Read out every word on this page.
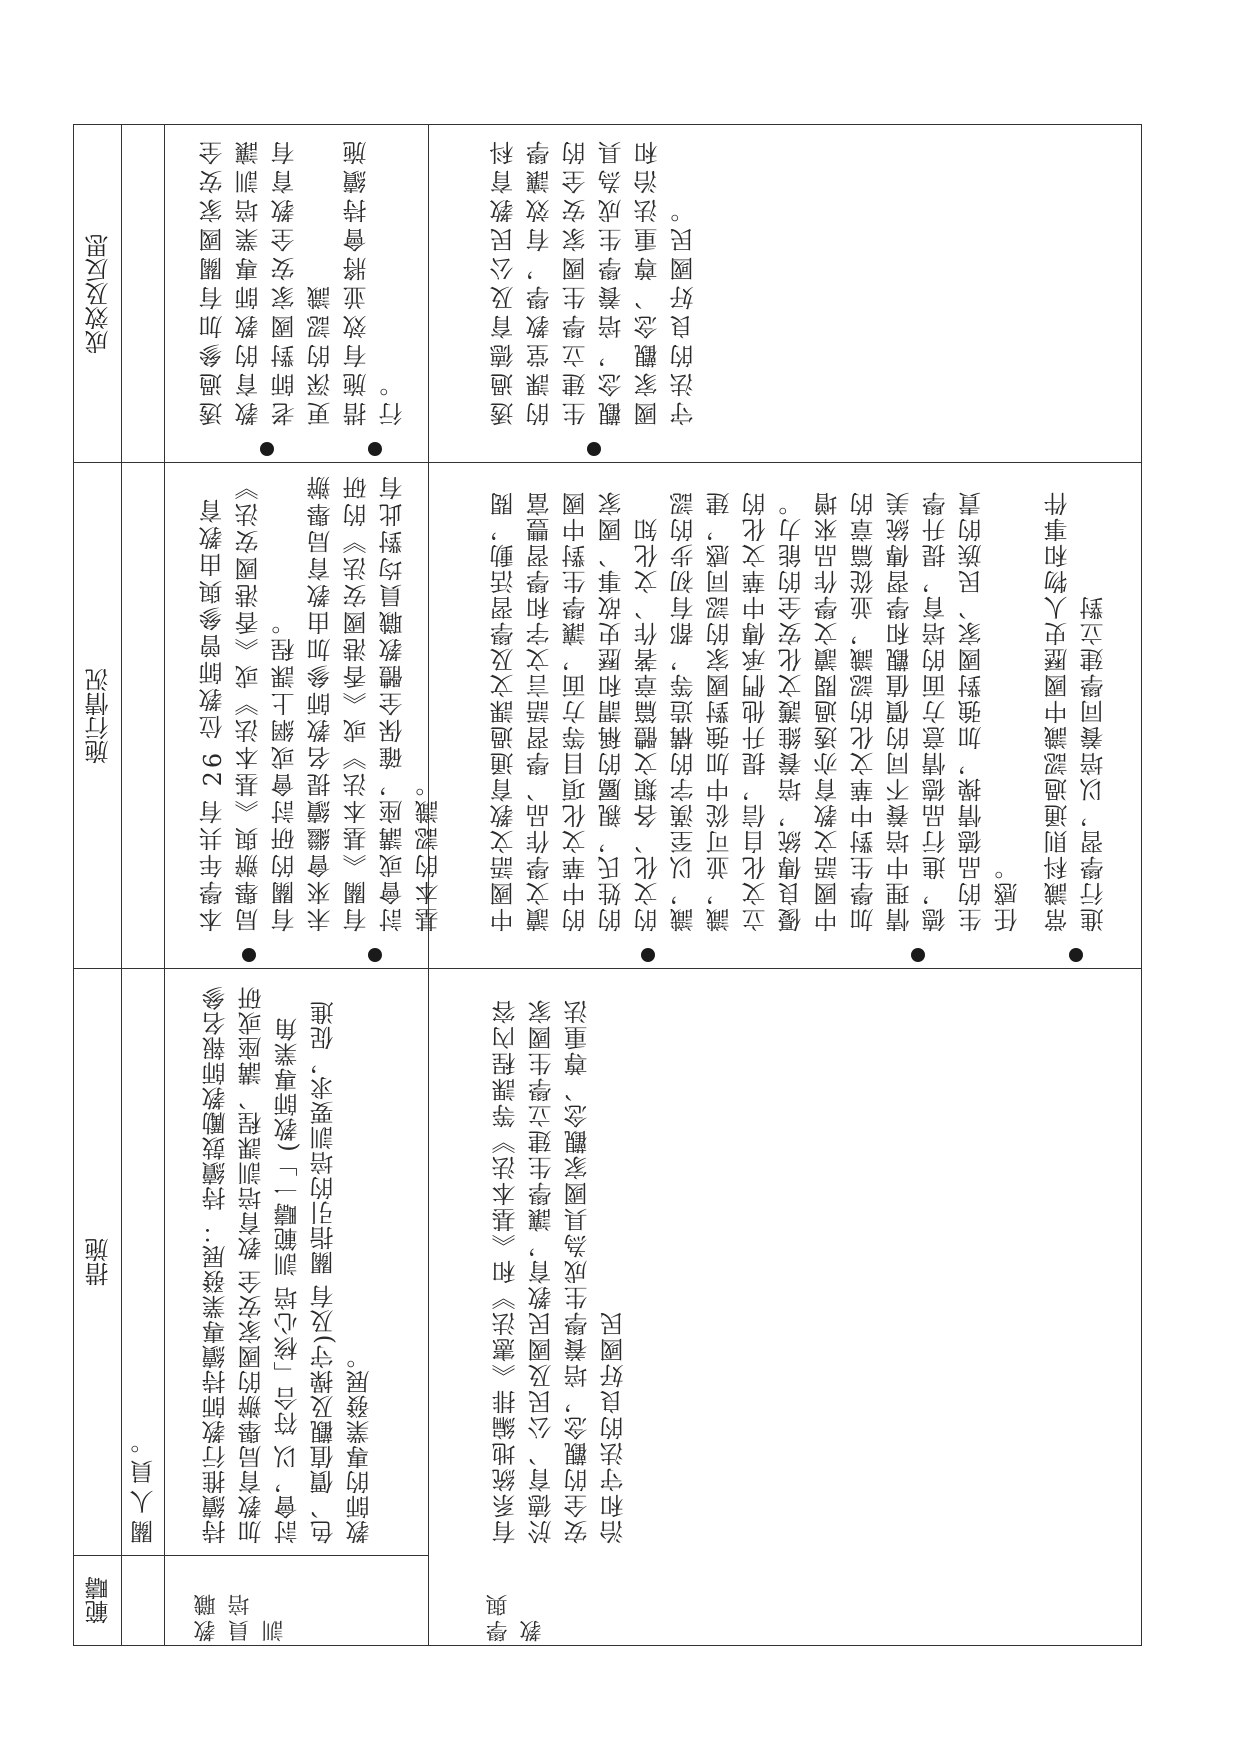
範疇
措施
施行情況
成效及反思
關人員。
教職員培訓
持續推行教師持續專業發展： 持續鼓勵教師報名參加教育局舉辦的國家安全 教育培訓課程、講座或研討會，以 符合「核心培 訓範疇一」(教師專業角色、價值觀及操守)及有 關指引的培訓要求，促進教師的專業發展。
本學年共有 26 位教師曾參與由教育局舉辦與《基本法》或《香港國安法》有關的研討會或網上課程。 未來會繼續提名教師參加由教育局舉辦有關《基本法》或《香港國安法》的研討會或講座，確保全體教職員均對此有基本的認識。
透過參加有關國家安全教育的教師專業培訓讓老師對國家安全教育有更深的認識 措施有效並將會持續施行。
學與教
有系統地編排《憲法》和《基本法》等課程內容於德育、公民及國民教育，讓學生建立學生國家安全的觀念，培養學生成為具國家觀念、尊重法治和守法的良好國民
中國語文教育通過課文及學習活動，閱讀文學作品、學習語言文字和學習豐富的中華文化項目等方面，讓學生對中國的姓氏，親屬的稱謂和歷史故事、國家的文化、各類文體篇章著作、文化知識，以至漢字的構造等，都有初步的認識，並可從中加強對國家的認同感，建立文化自信，提升他們承傳中華文化的優良傳統，培養維護文化安全的能力。 中國語文教育亦透過閱讀文學作品來增加學生對中華文化的認識，並從篇章的情理中培養不同的價值觀和學習傳統美德，進行品德情意方面的培育，提升學生的品德情操，加強對國家、民族的責任感。 常識科則通過認識中國歷史人物和事件進行學習，以培養同學建立對
透過德育及公民教育科的課堂教學，有效讓學生建立學生國家安全的觀念，培養學生成為具國家觀念、尊重法治和守法的良好國民。
